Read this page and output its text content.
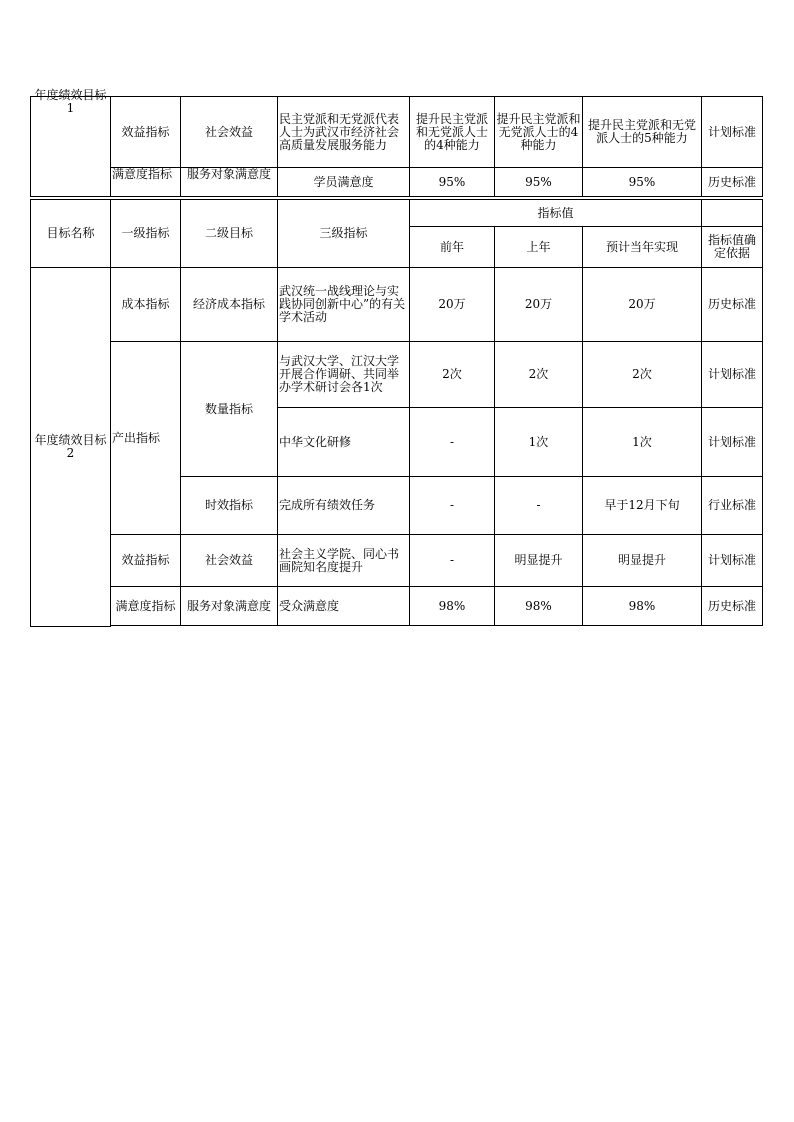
年度绩效目标1	效益指标	社会效益	民主党派和无党派代表人士为武汉市经济社会高质量发展服务能力	提升民主党派和无党派人士的4种能力	提升民主党派和无党派人士的4种能力	提升民主党派和无党派人士的5种能力	计划标准

	满意度指标	服务对象满意度	学员满意度	95%	95%	95%	历史标准
目标名称	一级指标	二级目标	三级指标	指标值			
				前年	上年	预计当年实现	指标值确定依据
年度绩效目标2	成本指标	经济成本指标	武汉统一战线理论与实践协同创新中心”的有关学术活动	20万	20万	20万	历史标准
	产出指标	数量指标	与武汉大学、江汉大学开展合作调研、共同举办学术研讨会各1次	2次	2次	2次	计划标准
			中华文化研修	-	1次	1次	计划标准
		时效指标	完成所有绩效任务	-	-	早于12月下旬	行业标准
	效益指标	社会效益	社会主义学院、同心书画院知名度提升	-	明显提升	明显提升	计划标准
	满意度指标	服务对象满意度	受众满意度	98%	98%	98%	历史标准
